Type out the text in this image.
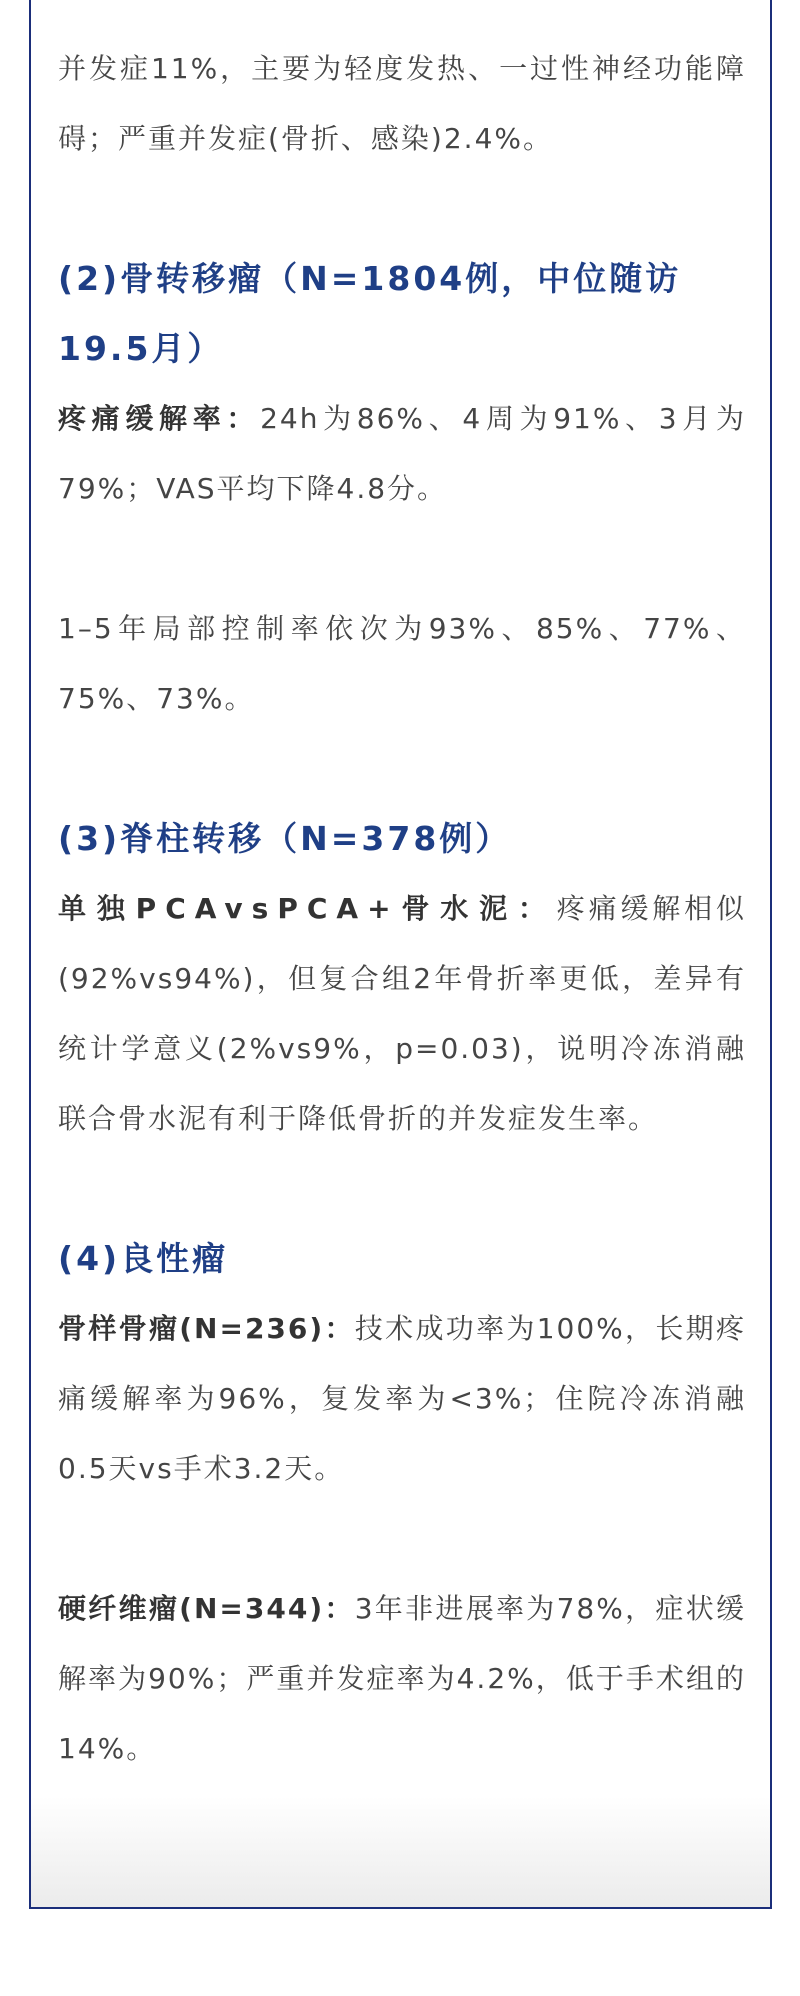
并发症11%，主要为轻度发热、一过性神经功能障碍；严重并发症(骨折、感染)2.4%。

(2)骨转移瘤（N=1804例，中位随访19.5月）

疼痛缓解率：24h为86%、4周为91%、3月为79%；VAS平均下降4.8分。

1–5年局部控制率依次为93%、85%、77%、75%、73%。

(3)脊柱转移（N=378例）

单独PCAvsPCA+骨水泥：疼痛缓解相似(92%vs94%)，但复合组2年骨折率更低，差异有统计学意义(2%vs9%，p=0.03)，说明冷冻消融联合骨水泥有利于降低骨折的并发症发生率。

(4)良性瘤

骨样骨瘤(N=236)：技术成功率为100%，长期疼痛缓解率为96%，复发率为<3%；住院冷冻消融0.5天vs手术3.2天。

硬纤维瘤(N=344)：3年非进展率为78%，症状缓解率为90%；严重并发症率为4.2%，低于手术组的14%。
